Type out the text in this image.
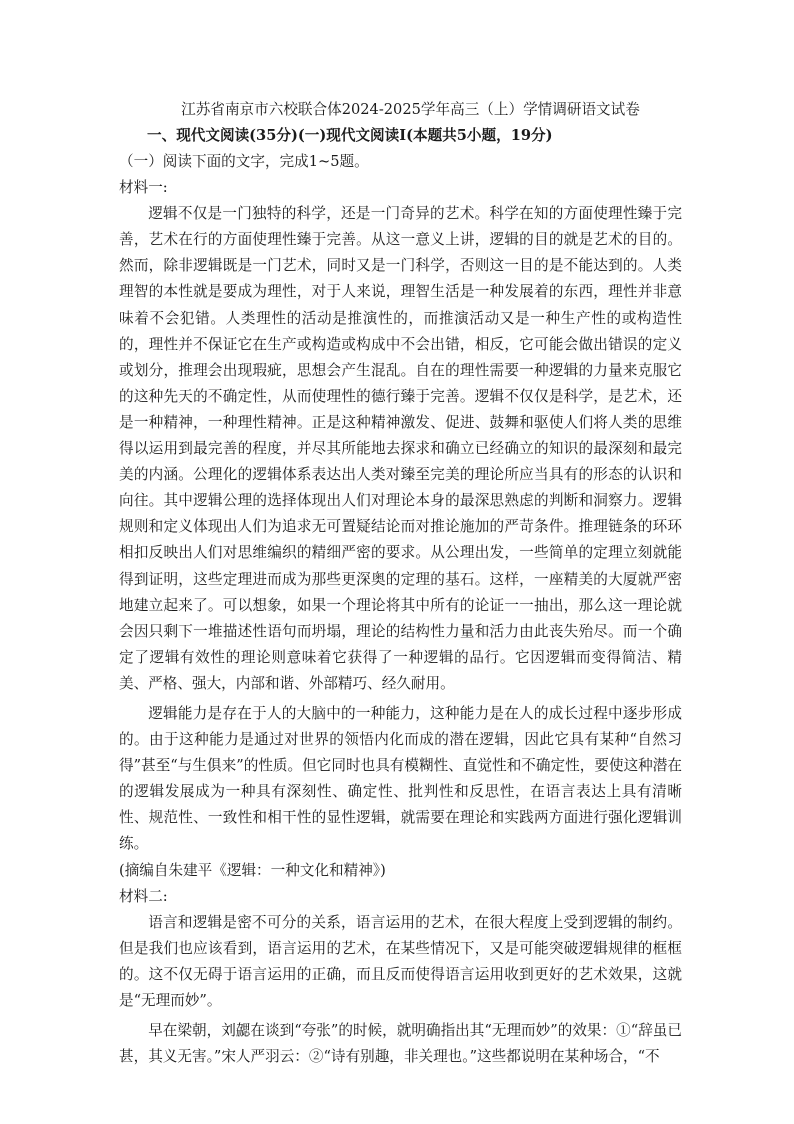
江苏省南京市六校联合体2024-2025学年高三（上）学情调研语文试卷

一、现代文阅读(35分)(一)现代文阅读Ⅰ(本题共5小题，19分)

（一）阅读下面的文字，完成1~5题。

材料一:

逻辑不仅是一门独特的科学，还是一门奇异的艺术。科学在知的方面使理性臻于完善，艺术在行的方面使理性臻于完善。从这一意义上讲，逻辑的目的就是艺术的目的。然而，除非逻辑既是一门艺术，同时又是一门科学，否则这一目的是不能达到的。人类理智的本性就是要成为理性，对于人来说，理智生活是一种发展着的东西，理性并非意味着不会犯错。人类理性的活动是推演性的，而推演活动又是一种生产性的或构造性的，理性并不保证它在生产或构造或构成中不会出错，相反，它可能会做出错误的定义或划分，推理会出现瑕疵，思想会产生混乱。自在的理性需要一种逻辑的力量来克服它的这种先天的不确定性，从而使理性的德行臻于完善。逻辑不仅仅是科学，是艺术，还是一种精神，一种理性精神。正是这种精神激发、促进、鼓舞和驱使人们将人类的思维得以运用到最完善的程度，并尽其所能地去探求和确立已经确立的知识的最深刻和最完美的内涵。公理化的逻辑体系表达出人类对臻至完美的理论所应当具有的形态的认识和向往。其中逻辑公理的选择体现出人们对理论本身的最深思熟虑的判断和洞察力。逻辑规则和定义体现出人们为追求无可置疑结论而对推论施加的严苛条件。推理链条的环环相扣反映出人们对思维编织的精细严密的要求。从公理出发，一些简单的定理立刻就能得到证明，这些定理进而成为那些更深奥的定理的基石。这样，一座精美的大厦就严密地建立起来了。可以想象，如果一个理论将其中所有的论证一一抽出，那么这一理论就会因只剩下一堆描述性语句而坍塌，理论的结构性力量和活力由此丧失殆尽。而一个确定了逻辑有效性的理论则意味着它获得了一种逻辑的品行。它因逻辑而变得简洁、精美、严格、强大，内部和谐、外部精巧、经久耐用。

逻辑能力是存在于人的大脑中的一种能力，这种能力是在人的成长过程中逐步形成的。由于这种能力是通过对世界的领悟内化而成的潜在逻辑，因此它具有某种“自然习得”甚至“与生俱来”的性质。但它同时也具有模糊性、直觉性和不确定性，要使这种潜在的逻辑发展成为一种具有深刻性、确定性、批判性和反思性，在语言表达上具有清晰性、规范性、一致性和相干性的显性逻辑，就需要在理论和实践两方面进行强化逻辑训练。

(摘编自朱建平《逻辑：一种文化和精神》)

材料二:

语言和逻辑是密不可分的关系，语言运用的艺术，在很大程度上受到逻辑的制约。但是我们也应该看到，语言运用的艺术，在某些情况下，又是可能突破逻辑规律的框框的。这不仅无碍于语言运用的正确，而且反而使得语言运用收到更好的艺术效果，这就是“无理而妙”。

早在梁朝，刘勰在谈到“夸张”的时候，就明确指出其“无理而妙”的效果：①“辞虽已甚，其义无害。”宋人严羽云：②“诗有别趣，非关理也。”这些都说明在某种场合，“不
